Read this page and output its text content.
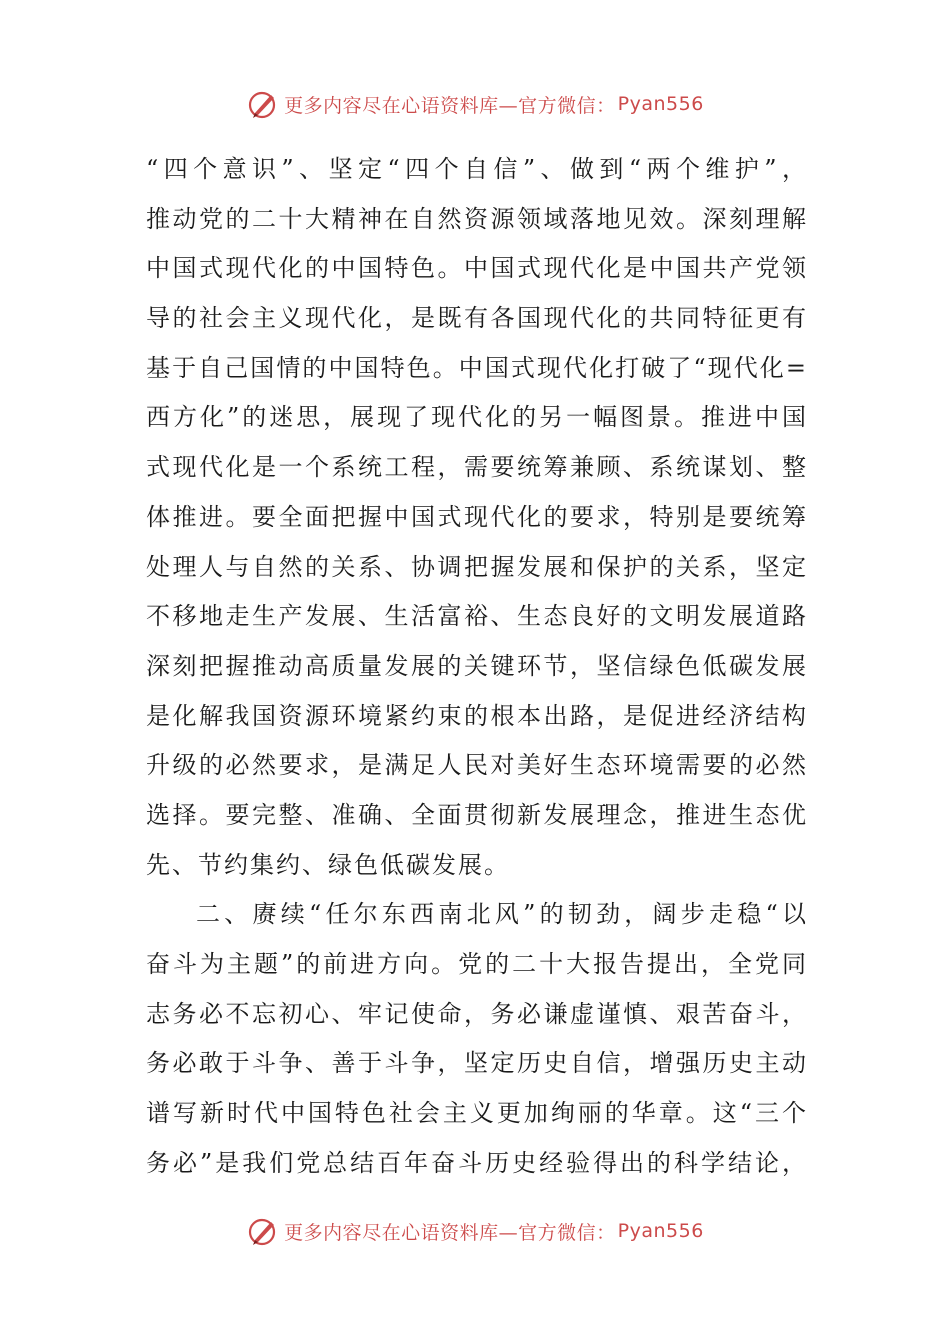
更多内容尽在心语资料库—官方微信： Pyan556
“四个意识”、坚定“四个自信”、做到“两个维护”，
推动党的二十大精神在自然资源领域落地见效。深刻理解
中国式现代化的中国特色。中国式现代化是中国共产党领
导的社会主义现代化，是既有各国现代化的共同特征更有
基于自己国情的中国特色。中国式现代化打破了“现代化=
西方化”的迷思，展现了现代化的另一幅图景。推进中国
式现代化是一个系统工程，需要统筹兼顾、系统谋划、整
体推进。要全面把握中国式现代化的要求，特别是要统筹
处理人与自然的关系、协调把握发展和保护的关系，坚定
不移地走生产发展、生活富裕、生态良好的文明发展道路
深刻把握推动高质量发展的关键环节，坚信绿色低碳发展
是化解我国资源环境紧约束的根本出路，是促进经济结构
升级的必然要求，是满足人民对美好生态环境需要的必然
选择。要完整、准确、全面贯彻新发展理念，推进生态优
先、节约集约、绿色低碳发展。
二、赓续“任尔东西南北风”的韧劲，阔步走稳“以
奋斗为主题”的前进方向。党的二十大报告提出，全党同
志务必不忘初心、牢记使命，务必谦虚谨慎、艰苦奋斗，
务必敢于斗争、善于斗争，坚定历史自信，增强历史主动
谱写新时代中国特色社会主义更加绚丽的华章。这“三个
务必”是我们党总结百年奋斗历史经验得出的科学结论，
更多内容尽在心语资料库—官方微信： Pyan556
